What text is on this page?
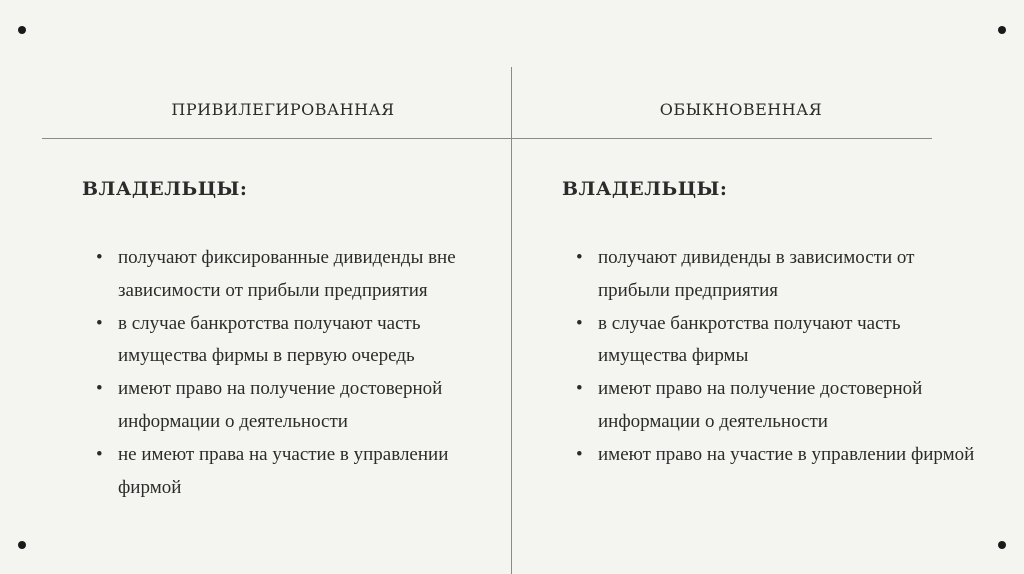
ПРИВИЛЕГИРОВАННАЯ	ОБЫКНОВЕННАЯ
ВЛАДЕЛЬЦЫ:	ВЛАДЕЛЬЦЫ:
• получают фиксированные дивиденды вне зависимости от прибыли предприятия
• в случае банкротства получают часть имущества фирмы в первую очередь
• имеют право на получение достоверной информации о деятельности
• не имеют права на участие в управлении фирмой
• получают дивиденды в зависимости от прибыли предприятия
• в случае банкротства получают часть имущества фирмы
• имеют право на получение достоверной информации о деятельности
• имеют право на участие в управлении фирмой
